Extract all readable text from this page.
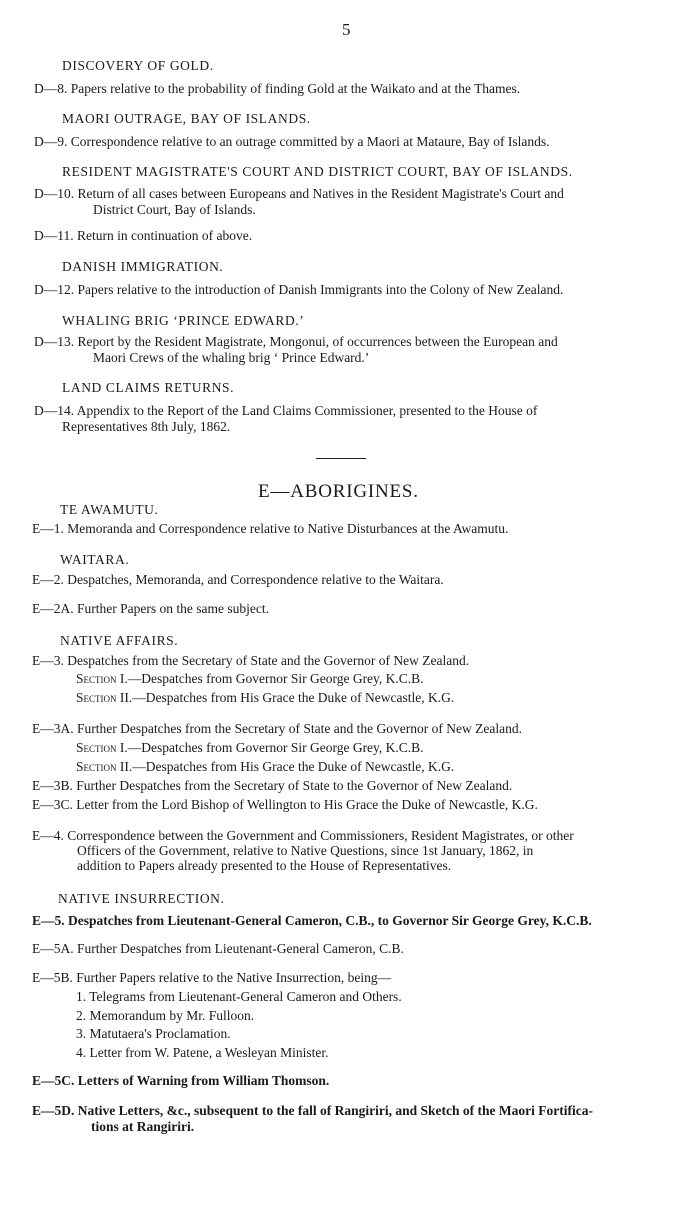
5
DISCOVERY OF GOLD.
D—8. Papers relative to the probability of finding Gold at the Waikato and at the Thames.
MAORI OUTRAGE, BAY OF ISLANDS.
D—9. Correspondence relative to an outrage committed by a Maori at Mataure, Bay of Islands.
RESIDENT MAGISTRATE'S COURT AND DISTRICT COURT, BAY OF ISLANDS.
D—10. Return of all cases between Europeans and Natives in the Resident Magistrate's Court and
District Court, Bay of Islands.
D—11. Return in continuation of above.
DANISH IMMIGRATION.
D—12. Papers relative to the introduction of Danish Immigrants into the Colony of New Zealand.
WHALING BRIG ‘PRINCE EDWARD.’
D—13. Report by the Resident Magistrate, Mongonui, of occurrences between the European and
Maori Crews of the whaling brig ‘ Prince Edward.’
LAND CLAIMS RETURNS.
D—14. Appendix to the Report of the Land Claims Commissioner, presented to the House of
Representatives 8th July, 1862.
E—ABORIGINES.
TE AWAMUTU.
E—1. Memoranda and Correspondence relative to Native Disturbances at the Awamutu.
WAITARA.
E—2. Despatches, Memoranda, and Correspondence relative to the Waitara.
E—2A. Further Papers on the same subject.
NATIVE AFFAIRS.
E—3. Despatches from the Secretary of State and the Governor of New Zealand.
Section I.—Despatches from Governor Sir George Grey, K.C.B.
Section II.—Despatches from His Grace the Duke of Newcastle, K.G.
E—3A. Further Despatches from the Secretary of State and the Governor of New Zealand.
Section I.—Despatches from Governor Sir George Grey, K.C.B.
Section II.—Despatches from His Grace the Duke of Newcastle, K.G.
E—3B. Further Despatches from the Secretary of State to the Governor of New Zealand.
E—3C. Letter from the Lord Bishop of Wellington to His Grace the Duke of Newcastle, K.G.
E—4. Correspondence between the Government and Commissioners, Resident Magistrates, or other
Officers of the Government, relative to Native Questions, since 1st January, 1862, in
addition to Papers already presented to the House of Representatives.
NATIVE INSURRECTION.
E—5. Despatches from Lieutenant-General Cameron, C.B., to Governor Sir George Grey, K.C.B.
E—5A. Further Despatches from Lieutenant-General Cameron, C.B.
E—5B. Further Papers relative to the Native Insurrection, being—
1. Telegrams from Lieutenant-General Cameron and Others.
2. Memorandum by Mr. Fulloon.
3. Matutaera's Proclamation.
4. Letter from W. Patene, a Wesleyan Minister.
E—5C. Letters of Warning from William Thomson.
E—5D. Native Letters, &c., subsequent to the fall of Rangiriri, and Sketch of the Maori Fortifica-
tions at Rangiriri.
